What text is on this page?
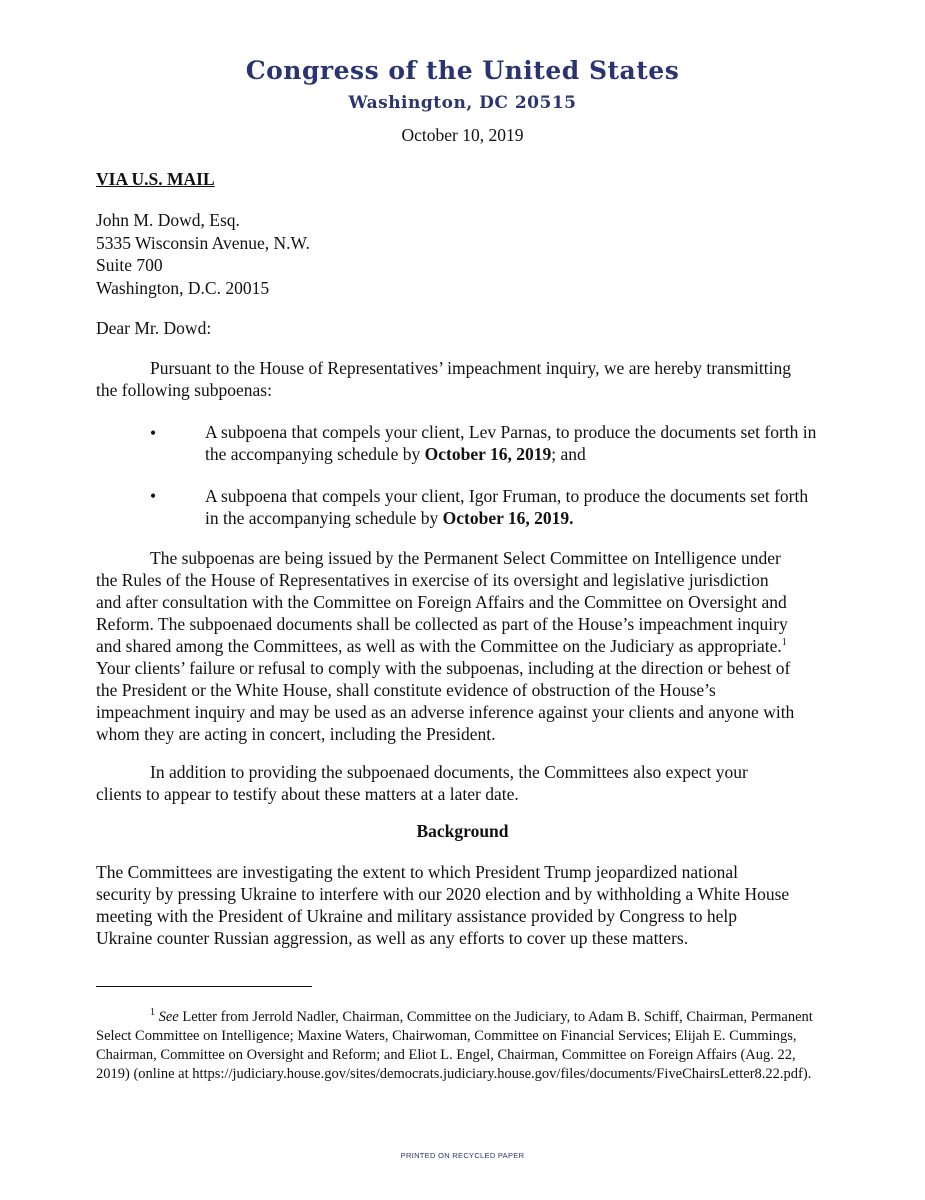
Congress of the United States
Washington, DC 20515
October 10, 2019
VIA U.S. MAIL
John M. Dowd, Esq.
5335 Wisconsin Avenue, N.W.
Suite 700
Washington, D.C. 20015
Dear Mr. Dowd:
Pursuant to the House of Representatives’ impeachment inquiry, we are hereby transmitting the following subpoenas:
•	A subpoena that compels your client, Lev Parnas, to produce the documents set forth in the accompanying schedule by October 16, 2019; and
•	A subpoena that compels your client, Igor Fruman, to produce the documents set forth in the accompanying schedule by October 16, 2019.
The subpoenas are being issued by the Permanent Select Committee on Intelligence under the Rules of the House of Representatives in exercise of its oversight and legislative jurisdiction and after consultation with the Committee on Foreign Affairs and the Committee on Oversight and Reform. The subpoenaed documents shall be collected as part of the House’s impeachment inquiry and shared among the Committees, as well as with the Committee on the Judiciary as appropriate.$^1$ Your clients’ failure or refusal to comply with the subpoenas, including at the direction or behest of the President or the White House, shall constitute evidence of obstruction of the House’s impeachment inquiry and may be used as an adverse inference against your clients and anyone with whom they are acting in concert, including the President.
In addition to providing the subpoenaed documents, the Committees also expect your clients to appear to testify about these matters at a later date.
Background
The Committees are investigating the extent to which President Trump jeopardized national security by pressing Ukraine to interfere with our 2020 election and by withholding a White House meeting with the President of Ukraine and military assistance provided by Congress to help Ukraine counter Russian aggression, as well as any efforts to cover up these matters.
$^1$ See Letter from Jerrold Nadler, Chairman, Committee on the Judiciary, to Adam B. Schiff, Chairman, Permanent Select Committee on Intelligence; Maxine Waters, Chairwoman, Committee on Financial Services; Elijah E. Cummings, Chairman, Committee on Oversight and Reform; and Eliot L. Engel, Chairman, Committee on Foreign Affairs (Aug. 22, 2019) (online at https://judiciary.house.gov/sites/democrats.judiciary.house.gov/files/documents/FiveChairsLetter8.22.pdf).
PRINTED ON RECYCLED PAPER
